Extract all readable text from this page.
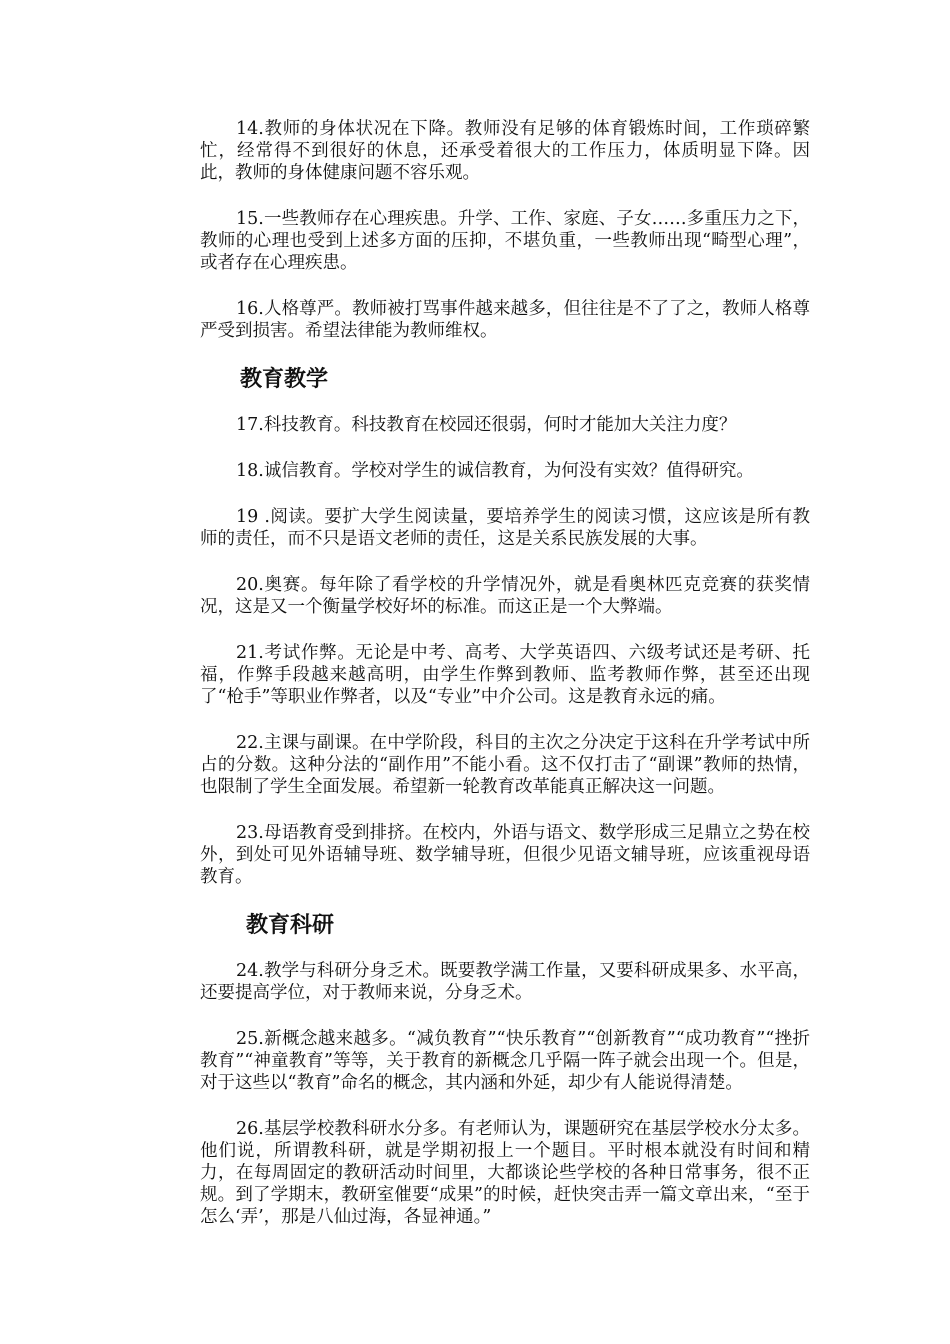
14.教师的身体状况在下降。教师没有足够的体育锻炼时间，工作琐碎繁忙，经常得不到很好的休息，还承受着很大的工作压力，体质明显下降。因此，教师的身体健康问题不容乐观。

15.一些教师存在心理疾患。升学、工作、家庭、子女……多重压力之下，教师的心理也受到上述多方面的压抑，不堪负重，一些教师出现“畸型心理”，或者存在心理疾患。

16.人格尊严。教师被打骂事件越来越多，但往往是不了了之，教师人格尊严受到损害。希望法律能为教师维权。

教育教学

17.科技教育。科技教育在校园还很弱，何时才能加大关注力度？

18.诚信教育。学校对学生的诚信教育，为何没有实效？值得研究。

19 .阅读。要扩大学生阅读量，要培养学生的阅读习惯，这应该是所有教师的责任，而不只是语文老师的责任，这是关系民族发展的大事。

20.奥赛。每年除了看学校的升学情况外，就是看奥林匹克竞赛的获奖情况，这是又一个衡量学校好坏的标准。而这正是一个大弊端。

21.考试作弊。无论是中考、高考、大学英语四、六级考试还是考研、托福，作弊手段越来越高明，由学生作弊到教师、监考教师作弊，甚至还出现了“枪手”等职业作弊者，以及“专业”中介公司。这是教育永远的痛。

22.主课与副课。在中学阶段，科目的主次之分决定于这科在升学考试中所占的分数。这种分法的“副作用”不能小看。这不仅打击了“副课”教师的热情，也限制了学生全面发展。希望新一轮教育改革能真正解决这一问题。

23.母语教育受到排挤。在校内，外语与语文、数学形成三足鼎立之势在校外，到处可见外语辅导班、数学辅导班，但很少见语文辅导班，应该重视母语教育。

教育科研

24.教学与科研分身乏术。既要教学满工作量，又要科研成果多、水平高，还要提高学位，对于教师来说，分身乏术。

25.新概念越来越多。“减负教育”“快乐教育”“创新教育”“成功教育”“挫折教育”“神童教育”等等，关于教育的新概念几乎隔一阵子就会出现一个。但是，对于这些以“教育”命名的概念，其内涵和外延，却少有人能说得清楚。

26.基层学校教科研水分多。有老师认为，课题研究在基层学校水分太多。他们说，所谓教科研，就是学期初报上一个题目。平时根本就没有时间和精力，在每周固定的教研活动时间里，大都谈论些学校的各种日常事务，很不正规。到了学期末，教研室催要“成果”的时候，赶快突击弄一篇文章出来，“至于怎么‘弄’，那是八仙过海，各显神通。”
